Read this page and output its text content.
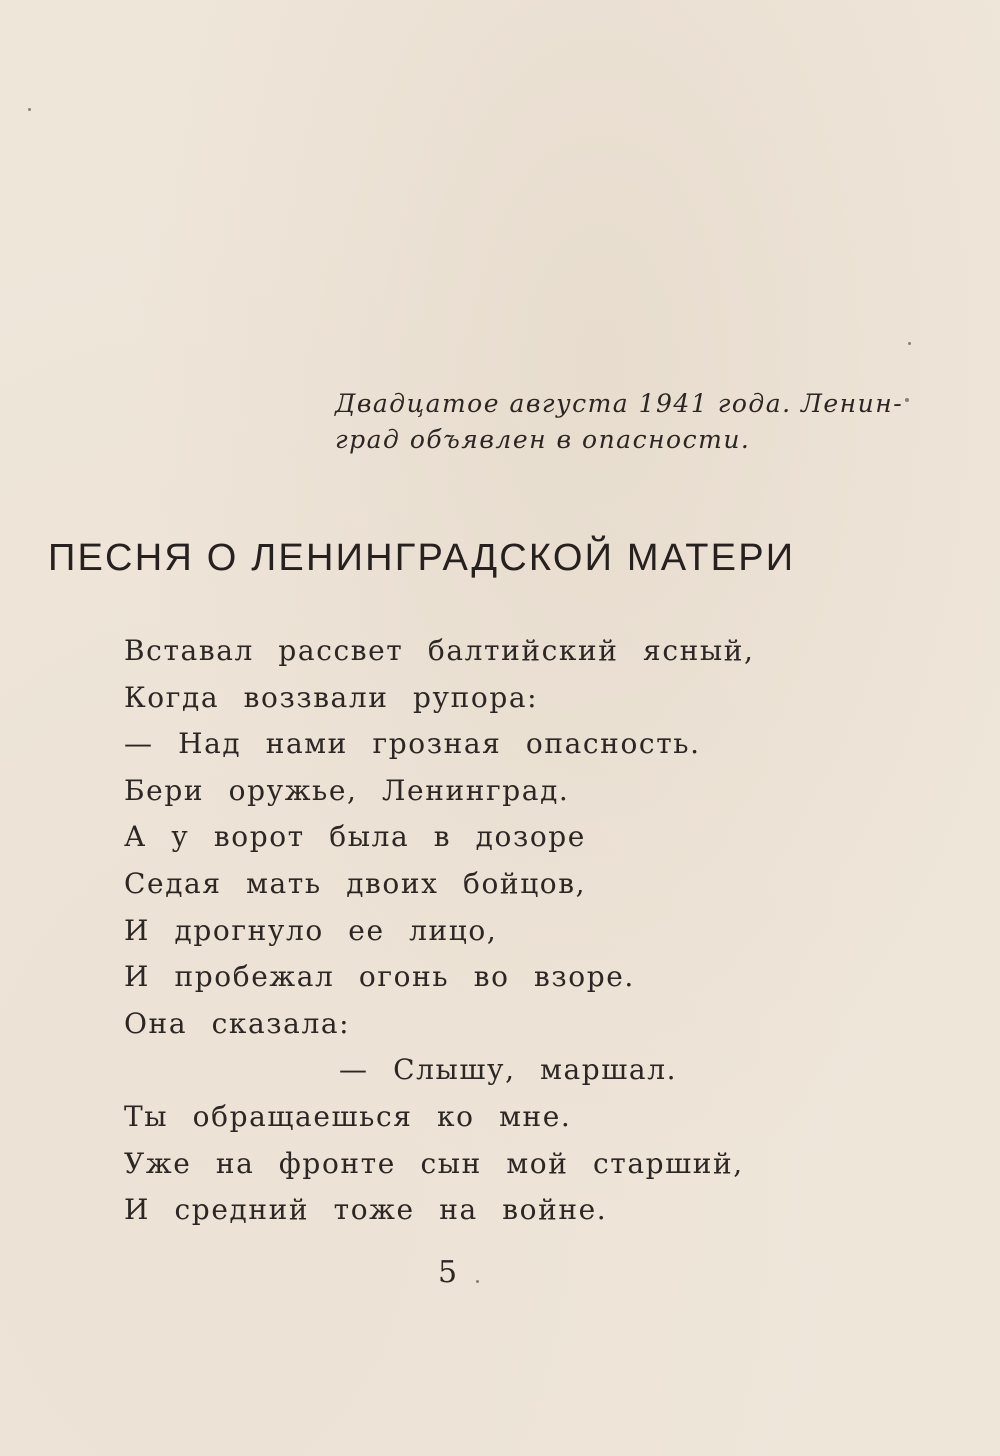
Двадцатое августа 1941 года. Ленин-
град объявлен в опасности.

ПЕСНЯ О ЛЕНИНГРАДСКОЙ МАТЕРИ
Вставал рассвет балтийский ясный,
Когда воззвали рупора:
— Над нами грозная опасность.
Бери оружье, Ленинград.
А у ворот была в дозоре
Седая мать двоих бойцов,
И дрогнуло ее лицо,
И пробежал огонь во взоре.
Она сказала:
— Слышу, маршал.
Ты обращаешься ко мне.
Уже на фронте сын мой старший,
И средний тоже на войне.
5
